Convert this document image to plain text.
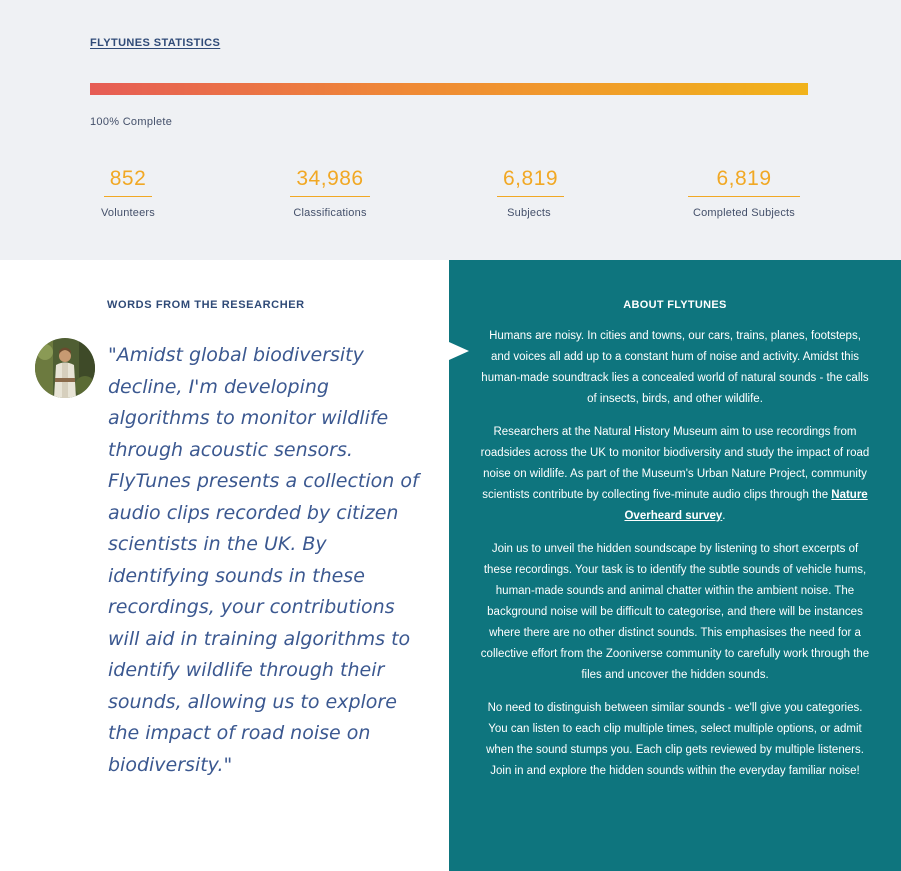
FLYTUNES STATISTICS
100% Complete
852
Volunteers
34,986
Classifications
6,819
Subjects
6,819
Completed Subjects
WORDS FROM THE RESEARCHER
"Amidst global biodiversity decline, I'm developing algorithms to monitor wildlife through acoustic sensors. FlyTunes presents a collection of audio clips recorded by citizen scientists in the UK. By identifying sounds in these recordings, your contributions will aid in training algorithms to identify wildlife through their sounds, allowing us to explore the impact of road noise on biodiversity."
ABOUT FLYTUNES

Humans are noisy. In cities and towns, our cars, trains, planes, footsteps, and voices all add up to a constant hum of noise and activity. Amidst this human-made soundtrack lies a concealed world of natural sounds - the calls of insects, birds, and other wildlife.

Researchers at the Natural History Museum aim to use recordings from roadsides across the UK to monitor biodiversity and study the impact of road noise on wildlife. As part of the Museum's Urban Nature Project, community scientists contribute by collecting five-minute audio clips through the Nature Overheard survey.

Join us to unveil the hidden soundscape by listening to short excerpts of these recordings. Your task is to identify the subtle sounds of vehicle hums, human-made sounds and animal chatter within the ambient noise. The background noise will be difficult to categorise, and there will be instances where there are no other distinct sounds. This emphasises the need for a collective effort from the Zooniverse community to carefully work through the files and uncover the hidden sounds.

No need to distinguish between similar sounds - we'll give you categories. You can listen to each clip multiple times, select multiple options, or admit when the sound stumps you. Each clip gets reviewed by multiple listeners. Join in and explore the hidden sounds within the everyday familiar noise!
